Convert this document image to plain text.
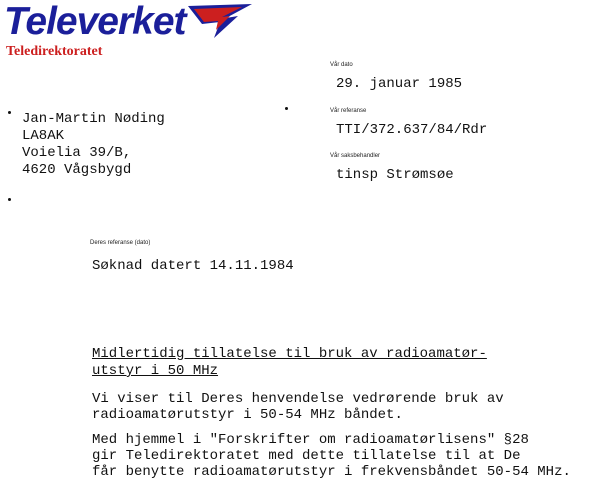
Televerket
Teledirektoratet
Vår dato
29. januar 1985
Vår referanse
TTI/372.637/84/Rdr
Vår saksbehandler
tinsp Strømsøe
Jan-Martin Nøding
LA8AK
Voielia 39/B,
4620 Vågsbygd
Deres referanse (dato)
Søknad datert 14.11.1984
Midlertidig tillatelse til bruk av radioamatør-
utstyr i 50 MHz
Vi viser til Deres henvendelse vedrørende bruk av
radioamatørutstyr i 50-54 MHz båndet.
Med hjemmel i "Forskrifter om radioamatørlisens" §28
gir Teledirektoratet med dette tillatelse til at De
får benytte radioamatørutstyr i frekvensbåndet 50-54 MHz.
